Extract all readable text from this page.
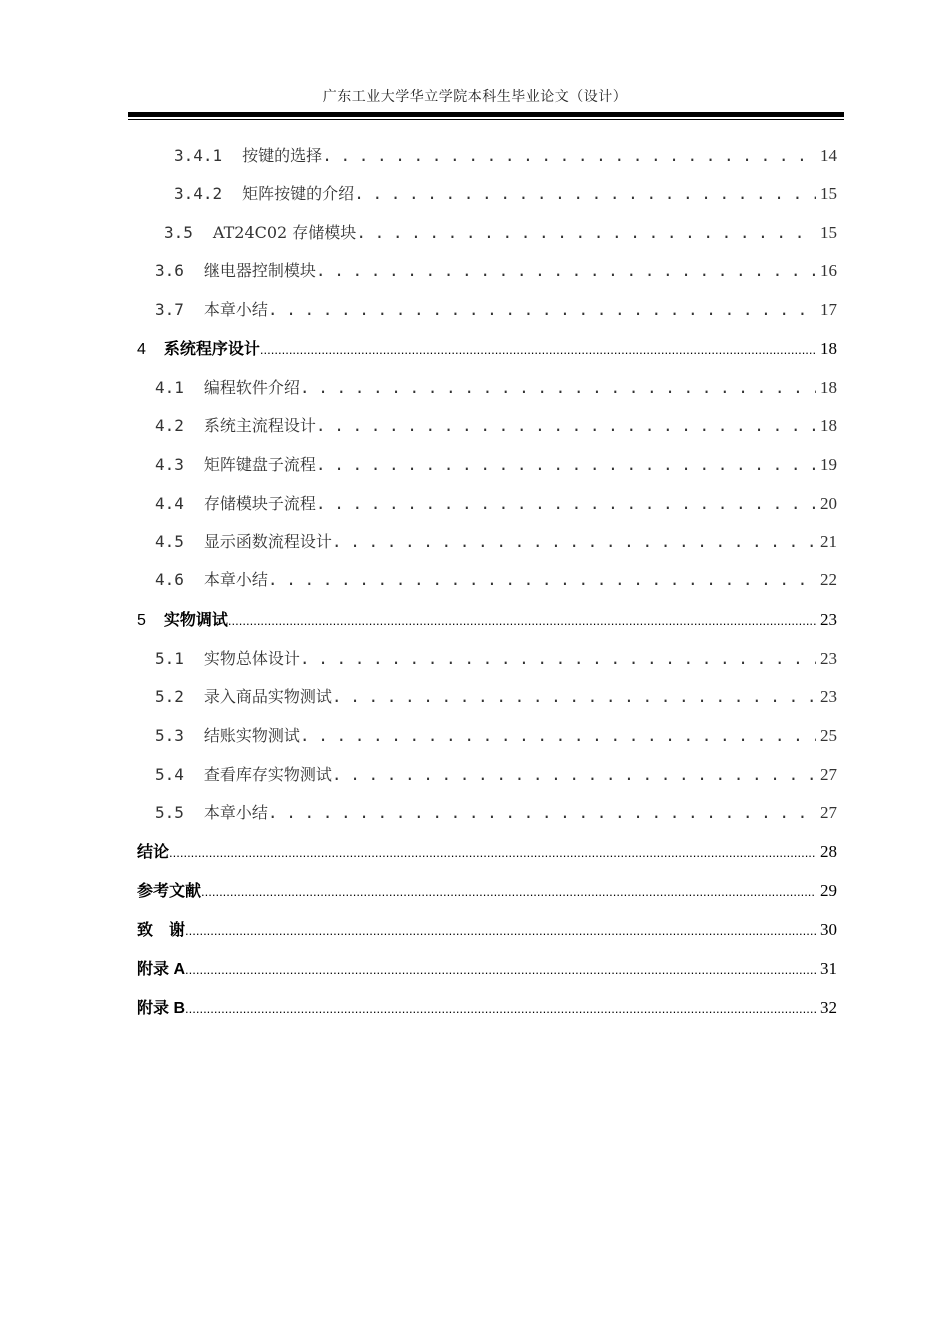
广东工业大学华立学院本科生毕业论文（设计）
3.4.1 按键的选择 . . .	14
3.4.2 矩阵按键的介绍 . . .	15
3.5 AT24C02 存储模块 . . .	15
3.6 继电器控制模块 . . .	16
3.7 本章小结 . . .	17
4 系统程序设计 .....	18
4.1 编程软件介绍 . . .	18
4.2 系统主流程设计 . . .	18
4.3 矩阵键盘子流程 . . .	19
4.4 存储模块子流程 . . .	20
4.5 显示函数流程设计 . . .	21
4.6 本章小结 . . .	22
5 实物调试 .....	23
5.1 实物总体设计 . . .	23
5.2 录入商品实物测试 . . .	23
5.3 结账实物测试 . . .	25
5.4 查看库存实物测试 . . .	27
5.5 本章小结 . . .	27
结论 .....	28
参考文献 .....	29
致　谢 .....	30
附录 A .....	31
附录 B .....	32
